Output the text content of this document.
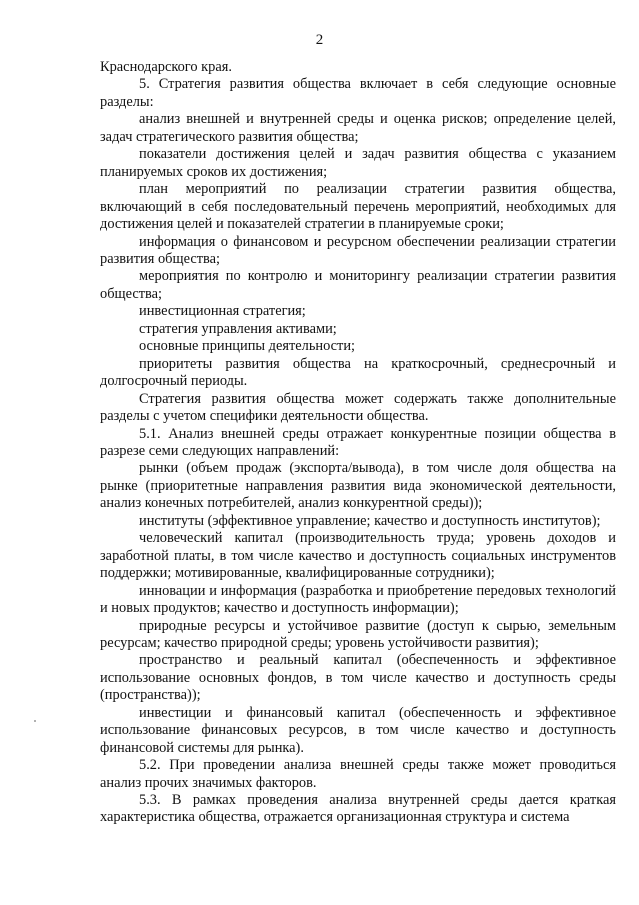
2

Краснодарского края.

5. Стратегия развития общества включает в себя следующие основные разделы:

анализ внешней и внутренней среды и оценка рисков; определение целей, задач стратегического развития общества;

показатели достижения целей и задач развития общества с указанием планируемых сроков их достижения;

план мероприятий по реализации стратегии развития общества, включающий в себя последовательный перечень мероприятий, необходимых для достижения целей и показателей стратегии в планируемые сроки;

информация о финансовом и ресурсном обеспечении реализации стратегии развития общества;

мероприятия по контролю и мониторингу реализации стратегии развития общества;

инвестиционная стратегия;

стратегия управления активами;

основные принципы деятельности;

приоритеты развития общества на краткосрочный, среднесрочный и долгосрочный периоды.

Стратегия развития общества может содержать также дополнительные разделы с учетом специфики деятельности общества.

5.1. Анализ внешней среды отражает конкурентные позиции общества в разрезе семи следующих направлений:

рынки (объем продаж (экспорта/вывода), в том числе доля общества на рынке (приоритетные направления развития вида экономической деятельности, анализ конечных потребителей, анализ конкурентной среды));

институты (эффективное управление; качество и доступность институтов);

человеческий капитал (производительность труда; уровень доходов и заработной платы, в том числе качество и доступность социальных инструментов поддержки; мотивированные, квалифицированные сотрудники);

инновации и информация (разработка и приобретение передовых технологий и новых продуктов; качество и доступность информации);

природные ресурсы и устойчивое развитие (доступ к сырью, земельным ресурсам; качество природной среды; уровень устойчивости развития);

пространство и реальный капитал (обеспеченность и эффективное использование основных фондов, в том числе качество и доступность среды (пространства));

инвестиции и финансовый капитал (обеспеченность и эффективное использование финансовых ресурсов, в том числе качество и доступность финансовой системы для рынка).

5.2. При проведении анализа внешней среды также может проводиться анализ прочих значимых факторов.

5.3. В рамках проведения анализа внутренней среды дается краткая характеристика общества, отражается организационная структура и система
